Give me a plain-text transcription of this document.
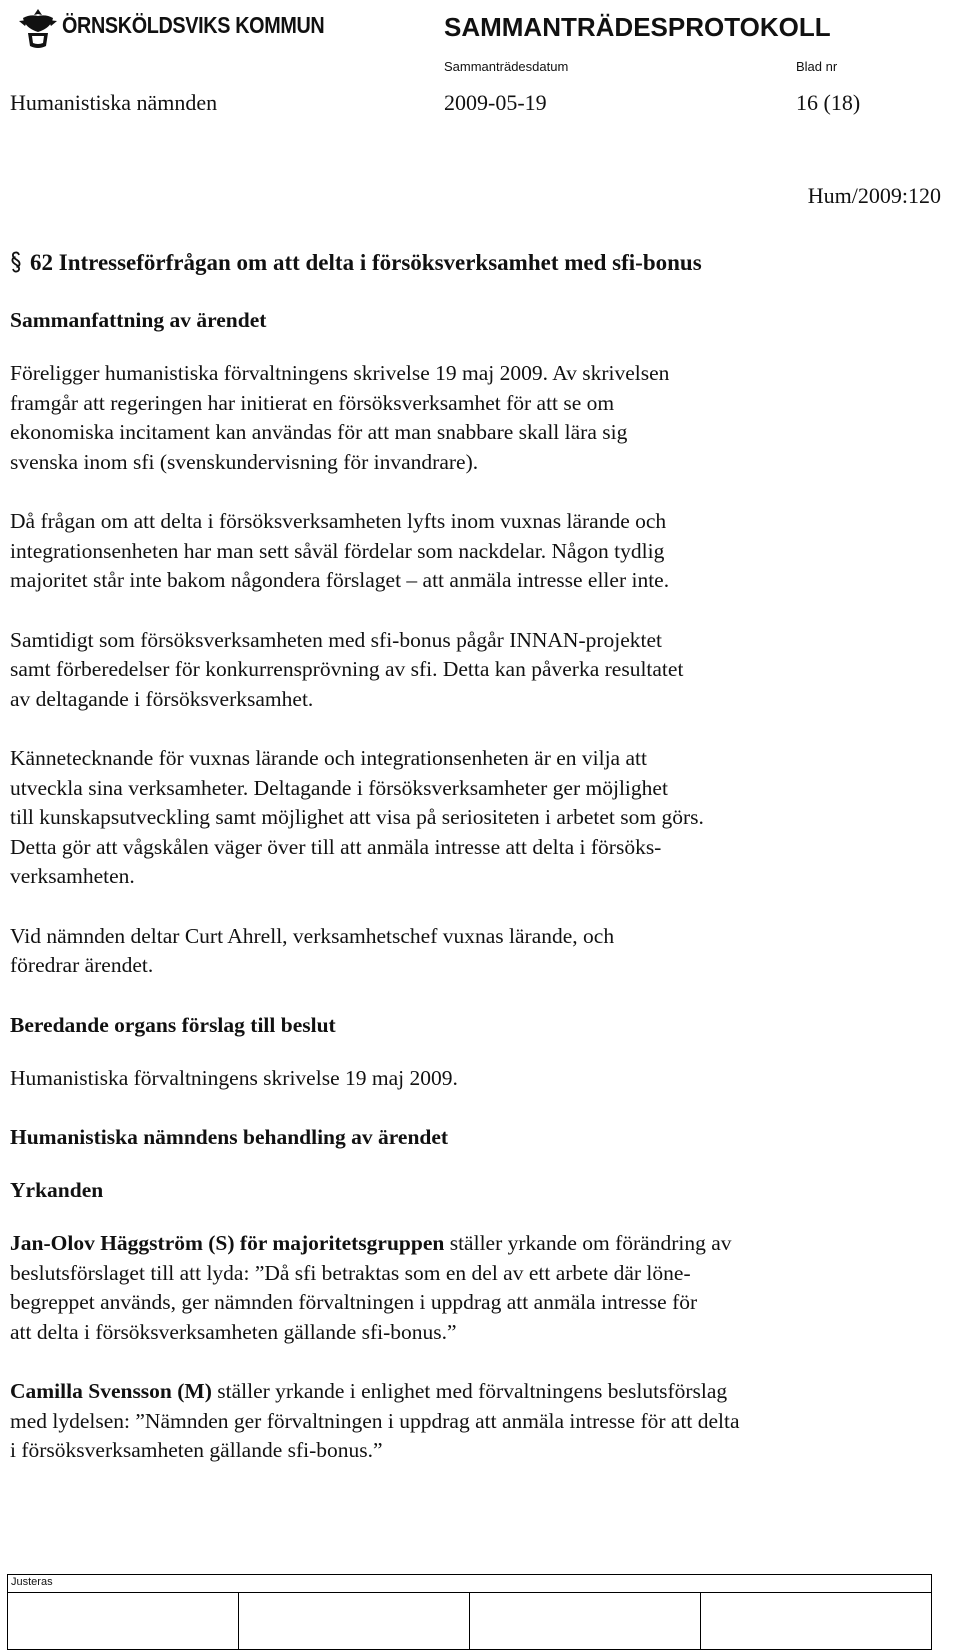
ÖRNSKÖLDSVIKS KOMMUN	SAMMANTRÄDESPROTOKOLL
Sammanträdesdatum	Blad nr
Humanistiska nämnden	2009-05-19	16 (18)
Hum/2009:120
62 Intresseförfrågan om att delta i försöksverksamhet med sfi-bonus
Sammanfattning av ärendet

Föreligger humanistiska förvaltningens skrivelse 19 maj 2009. Av skrivelsen
framgår att regeringen har initierat en försöksverksamhet för att se om
ekonomiska incitament kan användas för att man snabbare skall lära sig
svenska inom sfi (svenskundervisning för invandrare).

Då frågan om att delta i försöksverksamheten lyfts inom vuxnas lärande och
integrationsenheten har man sett såväl fördelar som nackdelar. Någon tydlig
majoritet står inte bakom någondera förslaget – att anmäla intresse eller inte.

Samtidigt som försöksverksamheten med sfi-bonus pågår INNAN-projektet
samt förberedelser för konkurrensprövning av sfi. Detta kan påverka resultatet
av deltagande i försöksverksamhet.

Kännetecknande för vuxnas lärande och integrationsenheten är en vilja att
utveckla sina verksamheter. Deltagande i försöksverksamheter ger möjlighet
till kunskapsutveckling samt möjlighet att visa på seriositeten i arbetet som görs.
Detta gör att vågskålen väger över till att anmäla intresse att delta i försöks-
verksamheten.

Vid nämnden deltar Curt Ahrell, verksamhetschef vuxnas lärande, och
föredrar ärendet.

Beredande organs förslag till beslut

Humanistiska förvaltningens skrivelse 19 maj 2009.

Humanistiska nämndens behandling av ärendet
Yrkanden

Jan-Olov Häggström (S) för majoritetsgruppen ställer yrkande om förändring av
beslutsförslaget till att lyda: ”Då sfi betraktas som en del av ett arbete där löne-
begreppet används, ger nämnden förvaltningen i uppdrag att anmäla intresse för
att delta i försöksverksamheten gällande sfi-bonus.”

Camilla Svensson (M) ställer yrkande i enlighet med förvaltningens beslutsförslag
med lydelsen: ”Nämnden ger förvaltningen i uppdrag att anmäla intresse för att delta
i försöksverksamheten gällande sfi-bonus.”

Justeras
